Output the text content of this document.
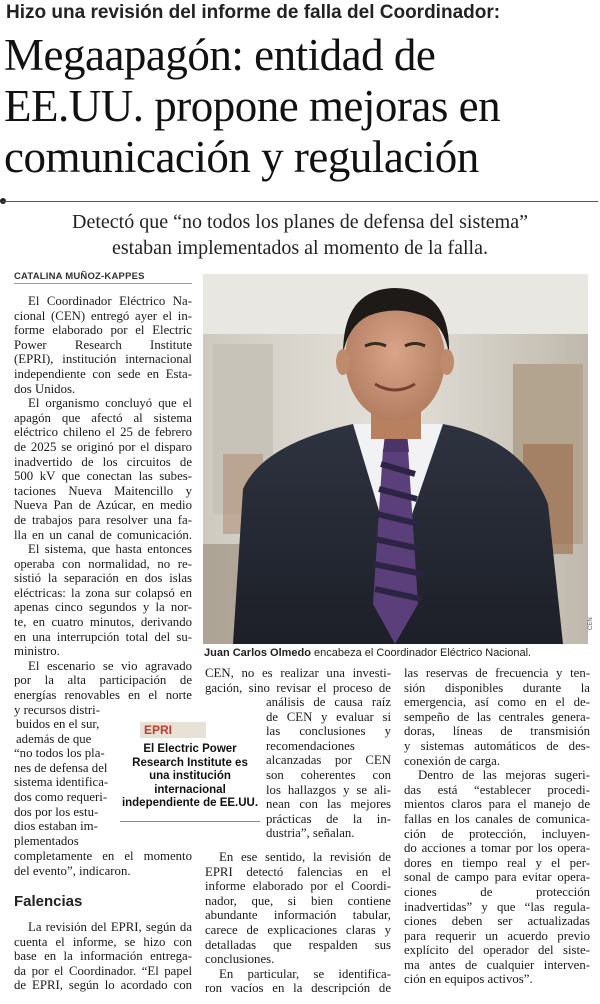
Hizo una revisión del informe de falla del Coordinador:
Megaapagón: entidad de
EE.UU. propone mejoras en
comunicación y regulación
Detectó que “no todos los planes de defensa del sistema”
estaban implementados al momento de la falla.
CATALINA MUÑOZ-KAPPES
CEN
Juan Carlos Olmedo encabeza el Coordinador Eléctrico Nacional.
El Coordinador Eléctrico Na-
cional (CEN) entregó ayer el in-
forme elaborado por el Electric
Power Research Institute
(EPRI), institución internacional
independiente con sede en Esta-
dos Unidos.
El organismo concluyó que el
apagón que afectó al sistema
eléctrico chileno el 25 de febrero
de 2025 se originó por el disparo
inadvertido de los circuitos de
500 kV que conectan las subes-
taciones Nueva Maitencillo y
Nueva Pan de Azúcar, en medio
de trabajos para resolver una fa-
lla en un canal de comunicación.
El sistema, que hasta entonces
operaba con normalidad, no re-
sistió la separación en dos islas
eléctricas: la zona sur colapsó en
apenas cinco segundos y la nor-
te, en cuatro minutos, derivando
en una interrupción total del su-
ministro.
El escenario se vio agravado
por la alta participación de
energías renovables en el norte
y recursos distri-
buidos en el sur,
además de que
“no todos los pla-
nes de defensa del
sistema identifica-
dos como requeri-
dos por los estu-
dios estaban im-
plementados
completamente en el momento
del evento”, indicaron.
Falencias
La revisión del EPRI, según da
cuenta el informe, se hizo con
base en la información entrega-
da por el Coordinador. “El papel
de EPRI, según lo acordado con
EPRI
El Electric Power
Research Institute es
una institución
internacional
independiente de EE.UU.
CEN, no es realizar una investi-
gación, sino revisar el proceso de
análisis de causa raíz
de CEN y evaluar si
las conclusiones y
recomendaciones
alcanzadas por CEN
son coherentes con
los hallazgos y se ali-
nean con las mejores
prácticas de la in-
dustria”, señalan.
En ese sentido, la revisión de
EPRI detectó falencias en el
informe elaborado por el Coordi-
nador, que, si bien contiene
abundante información tabular,
carece de explicaciones claras y
detalladas que respalden sus
conclusiones.
En particular, se identifica-
ron vacíos en la descripción de
las reservas de frecuencia y ten-
sión disponibles durante la
emergencia, así como en el de-
sempeño de las centrales genera-
doras, líneas de transmisión
y sistemas automáticos de des-
conexión de carga.
Dentro de las mejoras sugeri-
das está “establecer procedi-
mientos claros para el manejo de
fallas en los canales de comunica-
ción de protección, incluyen-
do acciones a tomar por los opera-
dores en tiempo real y el per-
sonal de campo para evitar opera-
ciones de protección
inadvertidas” y que “las regula-
ciones deben ser actualizadas
para requerir un acuerdo previo
explícito del operador del siste-
ma antes de cualquier interven-
ción en equipos activos”.
